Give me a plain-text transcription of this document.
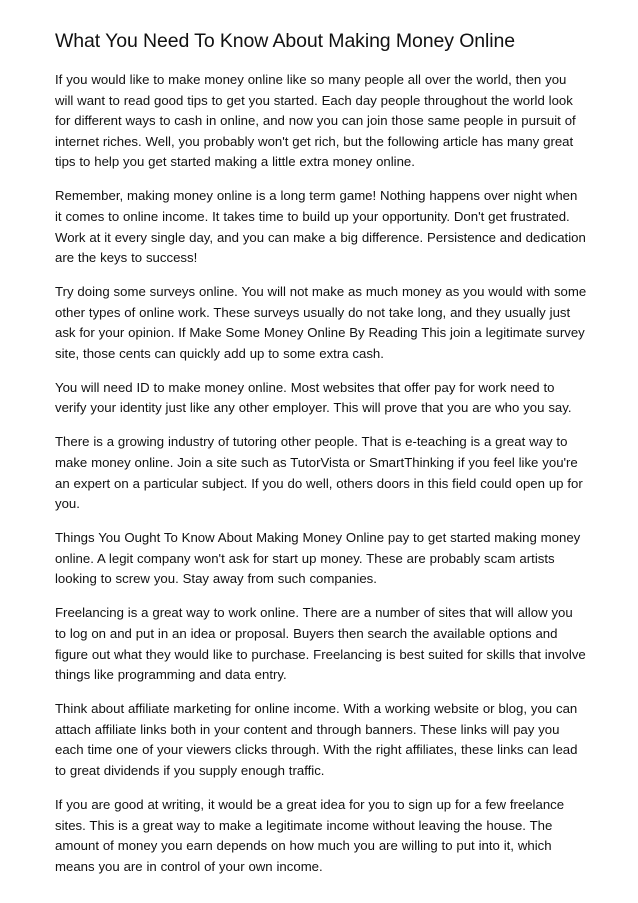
What You Need To Know About Making Money Online

If you would like to make money online like so many people all over the world, then you will want to read good tips to get you started. Each day people throughout the world look for different ways to cash in online, and now you can join those same people in pursuit of internet riches. Well, you probably won't get rich, but the following article has many great tips to help you get started making a little extra money online.

Remember, making money online is a long term game! Nothing happens over night when it comes to online income. It takes time to build up your opportunity. Don't get frustrated. Work at it every single day, and you can make a big difference. Persistence and dedication are the keys to success!

Try doing some surveys online. You will not make as much money as you would with some other types of online work. These surveys usually do not take long, and they usually just ask for your opinion. If Make Some Money Online By Reading This join a legitimate survey site, those cents can quickly add up to some extra cash.

You will need ID to make money online. Most websites that offer pay for work need to verify your identity just like any other employer. This will prove that you are who you say.

There is a growing industry of tutoring other people. That is e-teaching is a great way to make money online. Join a site such as TutorVista or SmartThinking if you feel like you're an expert on a particular subject. If you do well, others doors in this field could open up for you.

Things You Ought To Know About Making Money Online pay to get started making money online. A legit company won't ask for start up money. These are probably scam artists looking to screw you. Stay away from such companies.

Freelancing is a great way to work online. There are a number of sites that will allow you to log on and put in an idea or proposal. Buyers then search the available options and figure out what they would like to purchase. Freelancing is best suited for skills that involve things like programming and data entry.

Think about affiliate marketing for online income. With a working website or blog, you can attach affiliate links both in your content and through banners. These links will pay you each time one of your viewers clicks through. With the right affiliates, these links can lead to great dividends if you supply enough traffic.

If you are good at writing, it would be a great idea for you to sign up for a few freelance sites. This is a great way to make a legitimate income without leaving the house. The amount of money you earn depends on how much you are willing to put into it, which means you are in control of your own income.
